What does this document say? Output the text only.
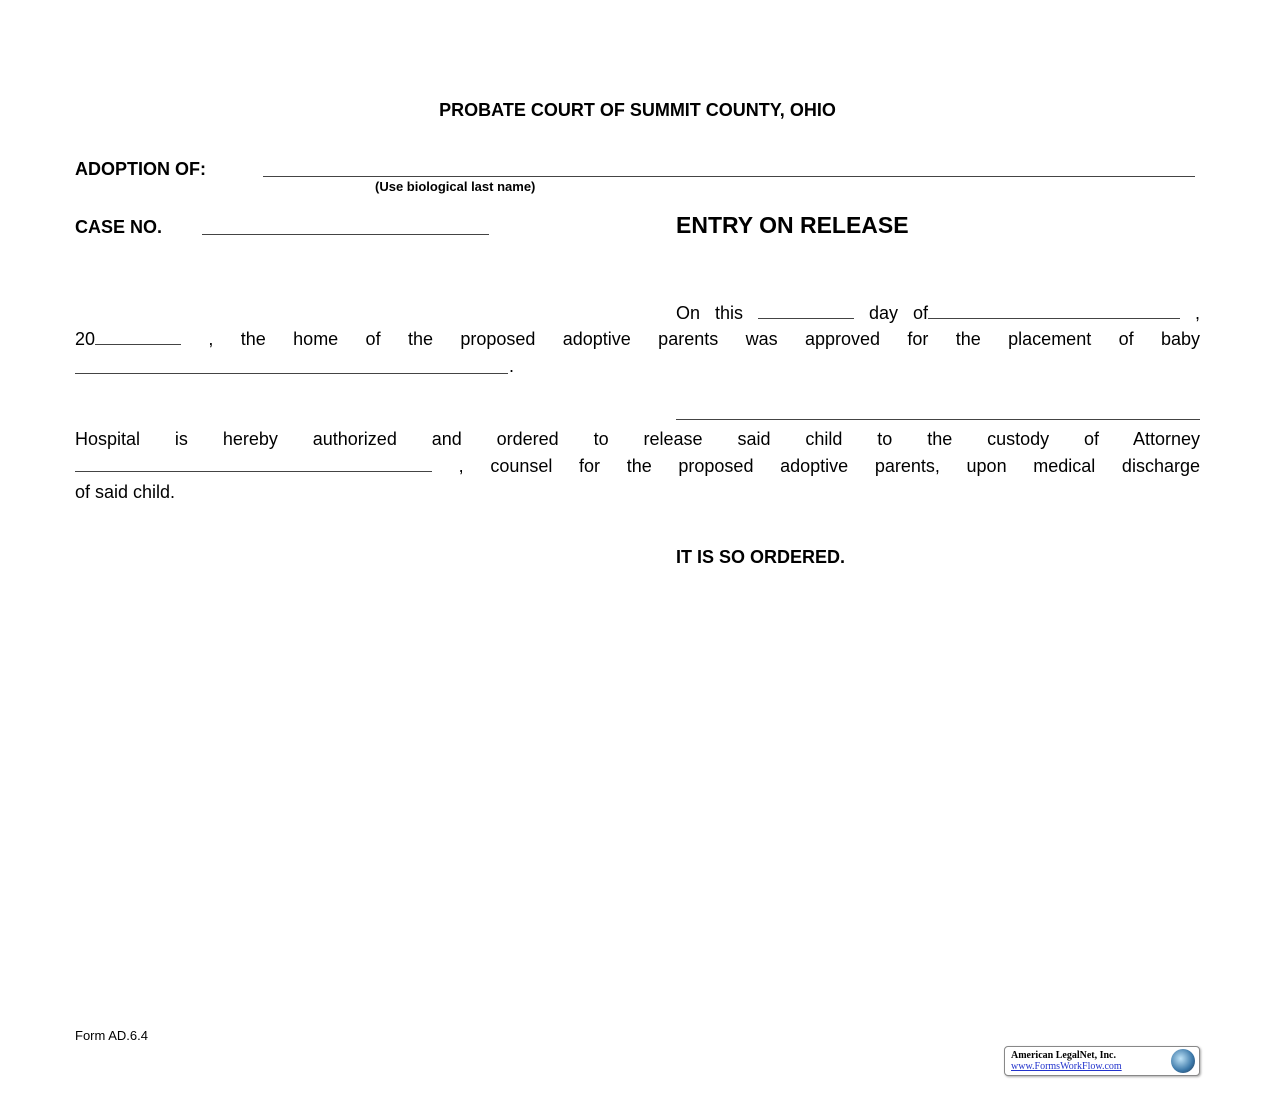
PROBATE COURT OF SUMMIT COUNTY, OHIO
ADOPTION OF:
(Use biological last name)
CASE NO.	ENTRY ON RELEASE
On this	day of	,
20	, the home of the proposed adoptive parents was approved for the placement of baby
.
Hospital is hereby authorized and ordered to release said child to the custody of Attorney
, counsel for the proposed adoptive parents, upon medical discharge
of said child.
IT IS SO ORDERED.
Form AD.6.4
American LegalNet, Inc.
www.FormsWorkFlow.com
